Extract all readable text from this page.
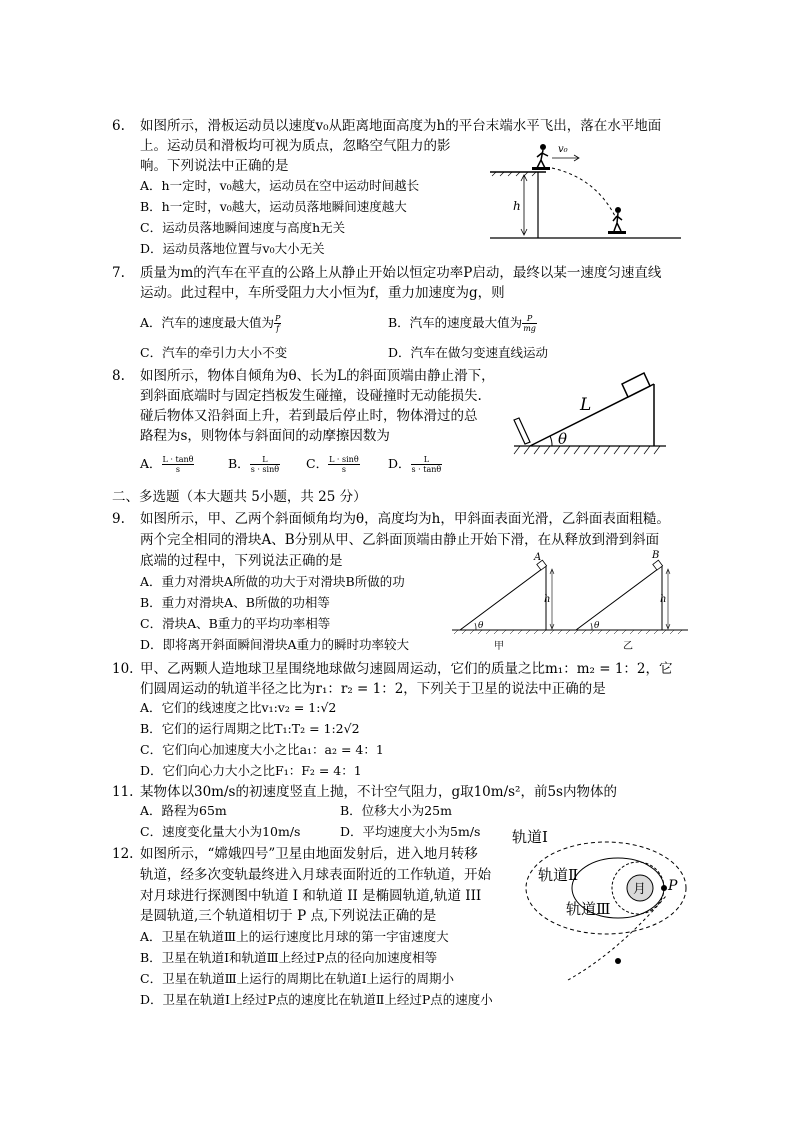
6. 如图所示，滑板运动员以速度v₀从距离地面高度为h的平台末端水平飞出，落在水平地面
上。运动员和滑板均可视为质点，忽略空气阻力的影
响。下列说法中正确的是
A．h一定时，v₀越大，运动员在空中运动时间越长
B．h一定时，v₀越大，运动员落地瞬间速度越大
C．运动员落地瞬间速度与高度h无关
D．运动员落地位置与v₀大小无关
h
v₀
7. 质量为m的汽车在平直的公路上从静止开始以恒定功率P启动，最终以某一速度匀速直线
运动。此过程中，车所受阻力大小恒为f，重力加速度为g，则
A．汽车的速度最大值为 $\frac{P}{f}$	B．汽车的速度最大值为 $\frac{P}{mg}$
C．汽车的牵引力大小不变	D．汽车在做匀变速直线运动
8. 如图所示，物体自倾角为θ、长为L的斜面顶端由静止滑下，
到斜面底端时与固定挡板发生碰撞，设碰撞时无动能损失.
碰后物体又沿斜面上升，若到最后停止时，物体滑过的总
路程为s，则物体与斜面间的动摩擦因数为
A． $\frac{L \cdot \tan\theta}{s}$	B． $\frac{L}{s \cdot \sin\theta}$ C． $\frac{L \cdot \sin\theta}{s}$ D． $\frac{L}{s \cdot \tan\theta}$
θ
L
二、多选题（本大题共 5小题，共 25 分）
9. 如图所示，甲、乙两个斜面倾角均为θ，高度均为h，甲斜面表面光滑，乙斜面表面粗糙。
两个完全相同的滑块A、B分别从甲、乙斜面顶端由静止开始下滑，在从释放到滑到斜面
底端的过程中，下列说法正确的是
A．重力对滑块A所做的功大于对滑块B所做的功
B．重力对滑块A、B所做的功相等
C．滑块A、B重力的平均功率相等
D．即将离开斜面瞬间滑块A重力的瞬时功率较大
A
h
θ
B
h
θ
甲	乙
10. 甲、乙两颗人造地球卫星围绕地球做匀速圆周运动，它们的质量之比m₁：m₂ = 1：2，它
们圆周运动的轨道半径之比为r₁：r₂ = 1：2，下列关于卫星的说法中正确的是
A．它们的线速度之比v₁:v₂ = 1:√2
B．它们的运行周期之比T₁:T₂ = 1:2√2
C．它们向心加速度大小之比a₁：a₂ = 4：1
D．它们向心力大小之比F₁：F₂ = 4：1
11. 某物体以30m/s的初速度竖直上抛，不计空气阻力，g取10m/s²，前5s内物体的
A．路程为65m	B．位移大小为25m
C．速度变化量大小为10m/s	D．平均速度大小为5m/s
12. 如图所示，“嫦娥四号”卫星由地面发射后，进入地月转移
轨道，经多次变轨最终进入月球表面附近的工作轨道，开始
对月球进行探测图中轨道 I 和轨道 II 是椭圆轨道,轨道 III
是圆轨道,三个轨道相切于 P 点,下列说法正确的是
A．卫星在轨道Ⅲ上的运行速度比月球的第一宇宙速度大
B．卫星在轨道Ⅰ和轨道Ⅲ上经过P点的径向加速度相等
C．卫星在轨道Ⅲ上运行的周期比在轨道Ⅰ上运行的周期小
D．卫星在轨道Ⅰ上经过P点的速度比在轨道Ⅱ上经过P点的速度小
月 P
轨道Ⅰ
轨道Ⅱ
轨道Ⅲ
